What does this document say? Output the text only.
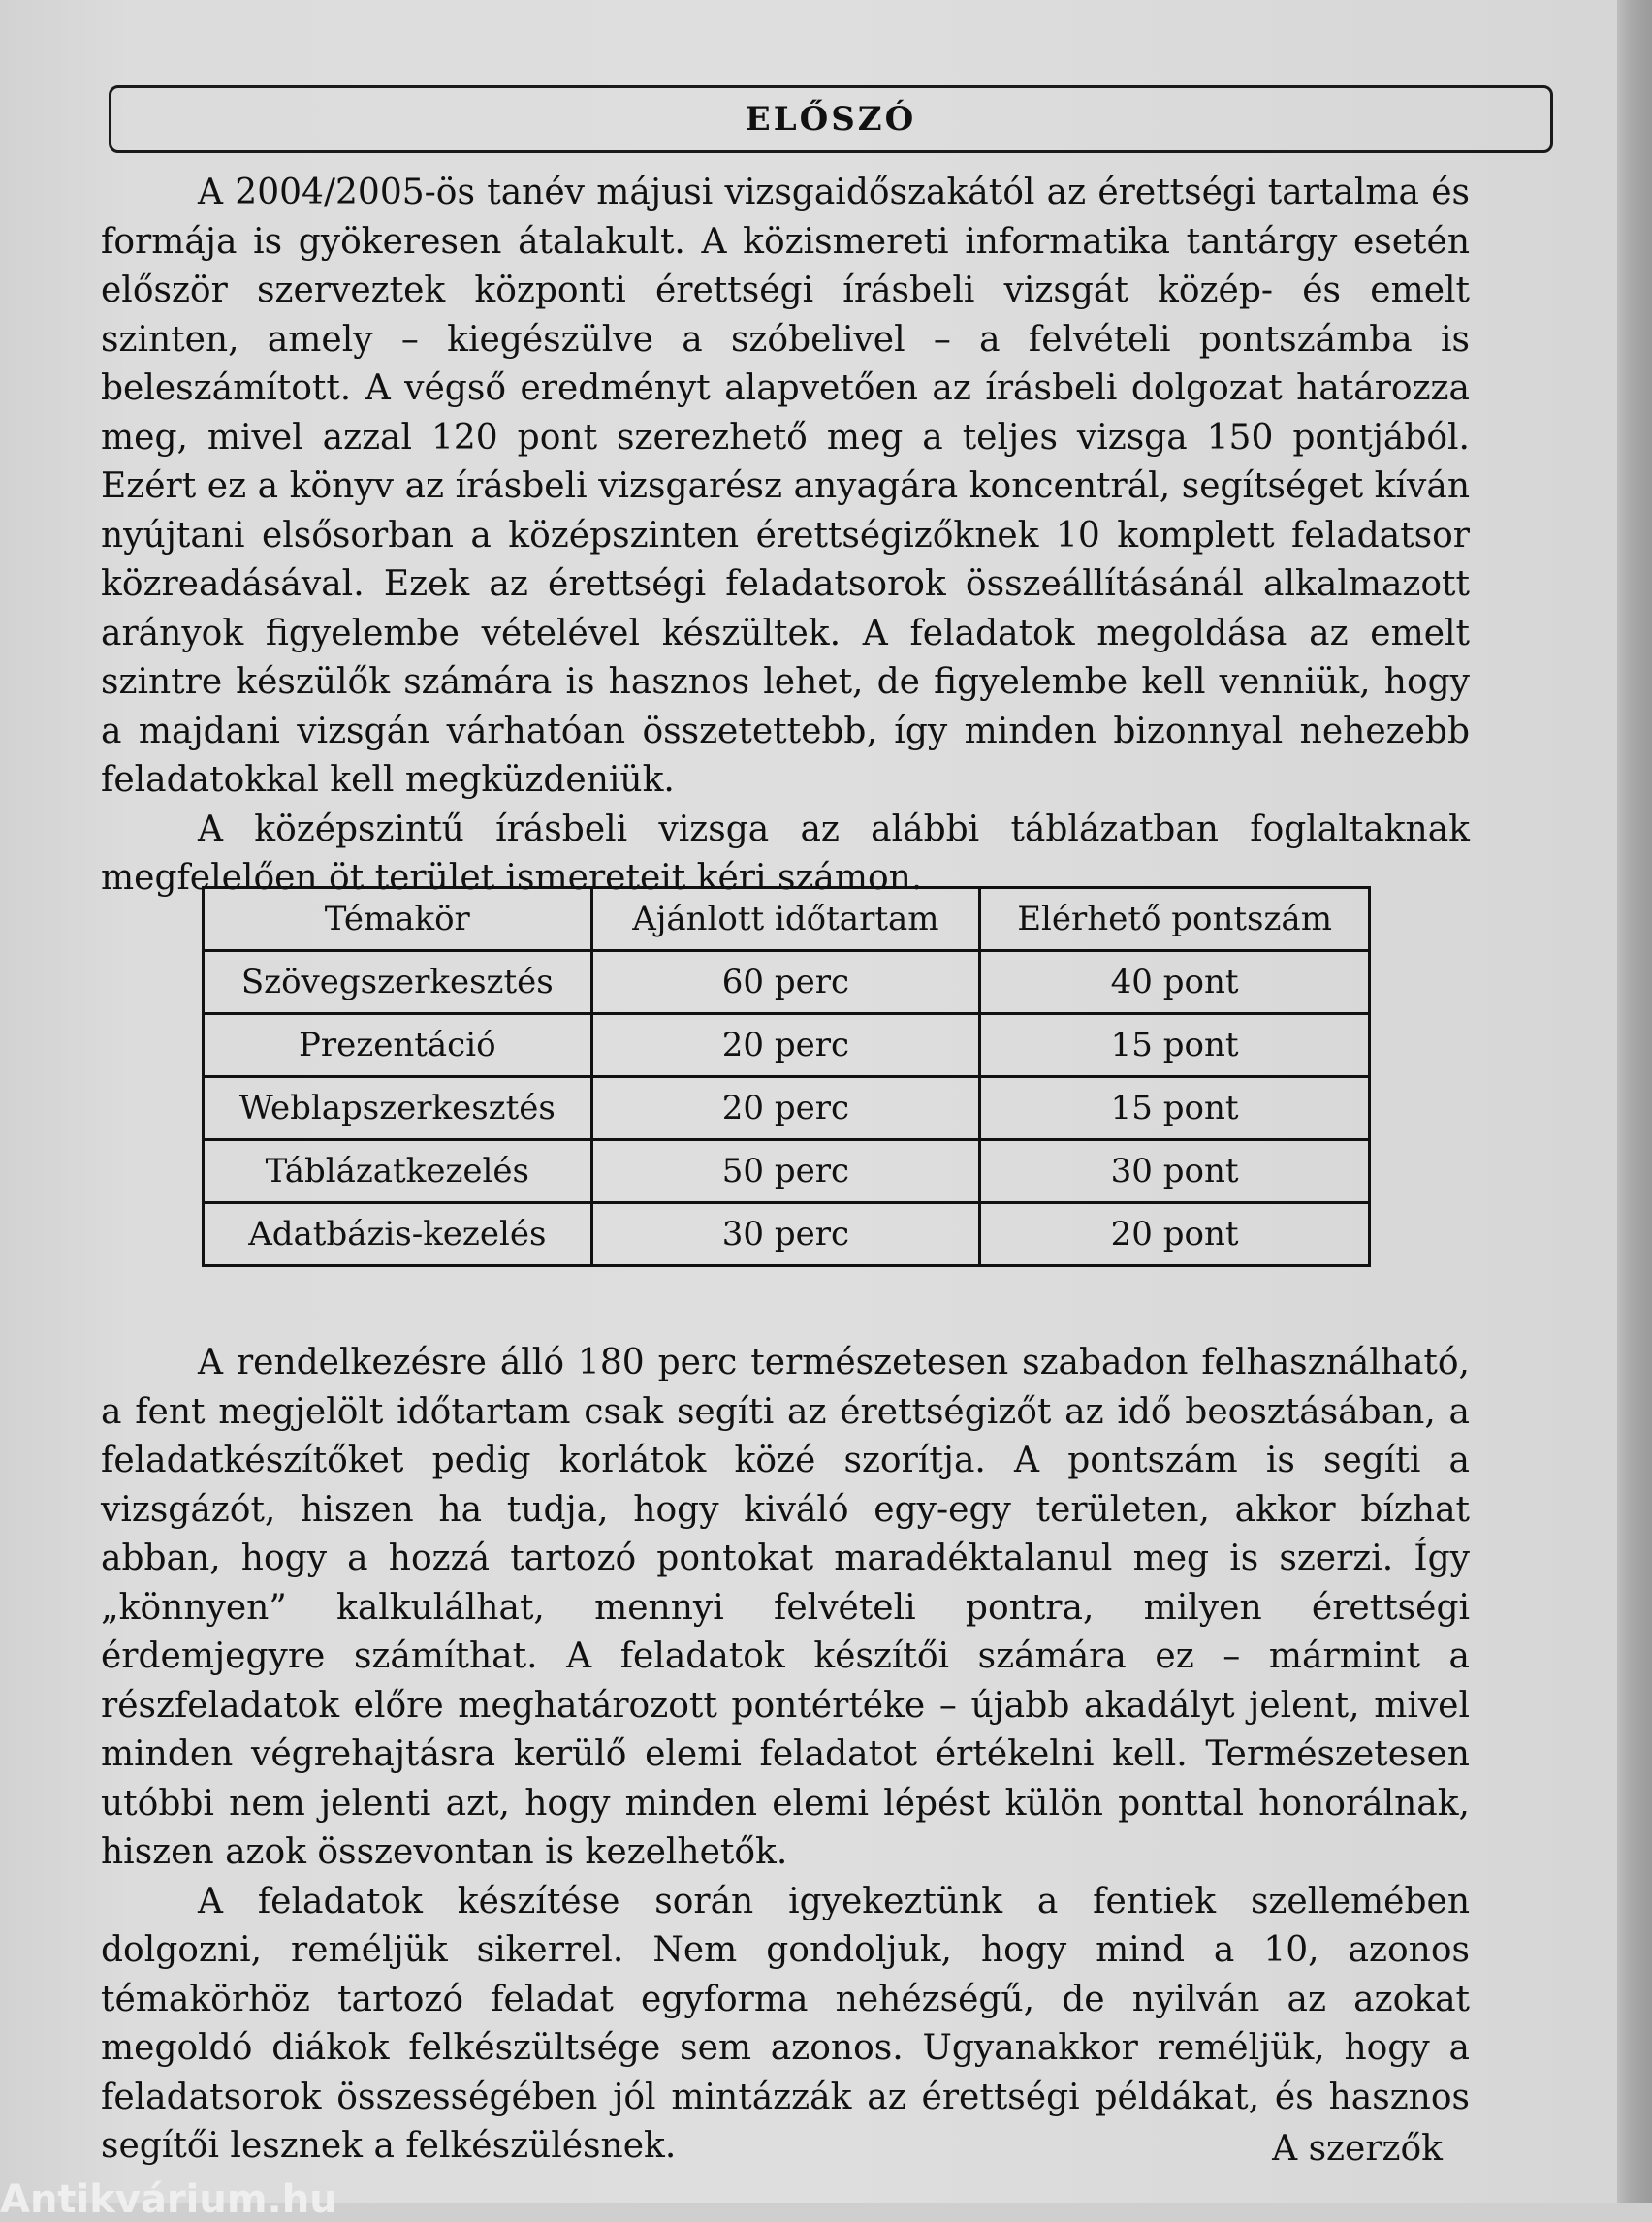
ELŐSZÓ

A 2004/2005-ös tanév májusi vizsgaidőszakától az érettségi tartalma és formája is gyökeresen átalakult. A közismereti informatika tantárgy esetén először szerveztek központi érettségi írásbeli vizsgát közép- és emelt szinten, amely – kiegészülve a szóbelivel – a felvételi pontszámba is beleszámított. A végső eredményt alapvetően az írásbeli dolgozat határozza meg, mivel azzal 120 pont szerezhető meg a teljes vizsga 150 pontjából. Ezért ez a könyv az írásbeli vizsgarész anyagára koncentrál, segítséget kíván nyújtani elsősorban a középszinten érettségizőknek 10 komplett feladatsor közreadásával. Ezek az érettségi feladatsorok összeállításánál alkalmazott arányok figyelembe vételével készültek. A feladatok megoldása az emelt szintre készülők számára is hasznos lehet, de figyelembe kell venniük, hogy a majdani vizsgán várhatóan összetettebb, így minden bizonnyal nehezebb feladatokkal kell megküzdeniük.

A középszintű írásbeli vizsga az alábbi táblázatban foglaltaknak megfelelően öt terület ismereteit kéri számon.

Témakör	Ajánlott időtartam	Elérhető pontszám
Szövegszerkesztés	60 perc	40 pont
Prezentáció	20 perc	15 pont
Weblapszerkesztés	20 perc	15 pont
Táblázatkezelés	50 perc	30 pont
Adatbázis-kezelés	30 perc	20 pont

A rendelkezésre álló 180 perc természetesen szabadon felhasználható, a fent megjelölt időtartam csak segíti az érettségizőt az idő beosztásában, a feladatkészítőket pedig korlátok közé szorítja. A pontszám is segíti a vizsgázót, hiszen ha tudja, hogy kiváló egy-egy területen, akkor bízhat abban, hogy a hozzá tartozó pontokat maradéktalanul meg is szerzi. Így „könnyen” kalkulálhat, mennyi felvételi pontra, milyen érettségi érdemjegyre számíthat. A feladatok készítői számára ez – mármint a részfeladatok előre meghatározott pontértéke – újabb akadályt jelent, mivel minden végrehajtásra kerülő elemi feladatot értékelni kell. Természetesen utóbbi nem jelenti azt, hogy minden elemi lépést külön ponttal honorálnak, hiszen azok összevontan is kezelhetők.

A feladatok készítése során igyekeztünk a fentiek szellemében dolgozni, reméljük sikerrel. Nem gondoljuk, hogy mind a 10, azonos témakörhöz tartozó feladat egyforma nehézségű, de nyilván az azokat megoldó diákok felkészültsége sem azonos. Ugyanakkor reméljük, hogy a feladatsorok összességében jól mintázzák az érettségi példákat, és hasznos segítői lesznek a felkészülésnek.	A szerzők
Antikvárium.hu
